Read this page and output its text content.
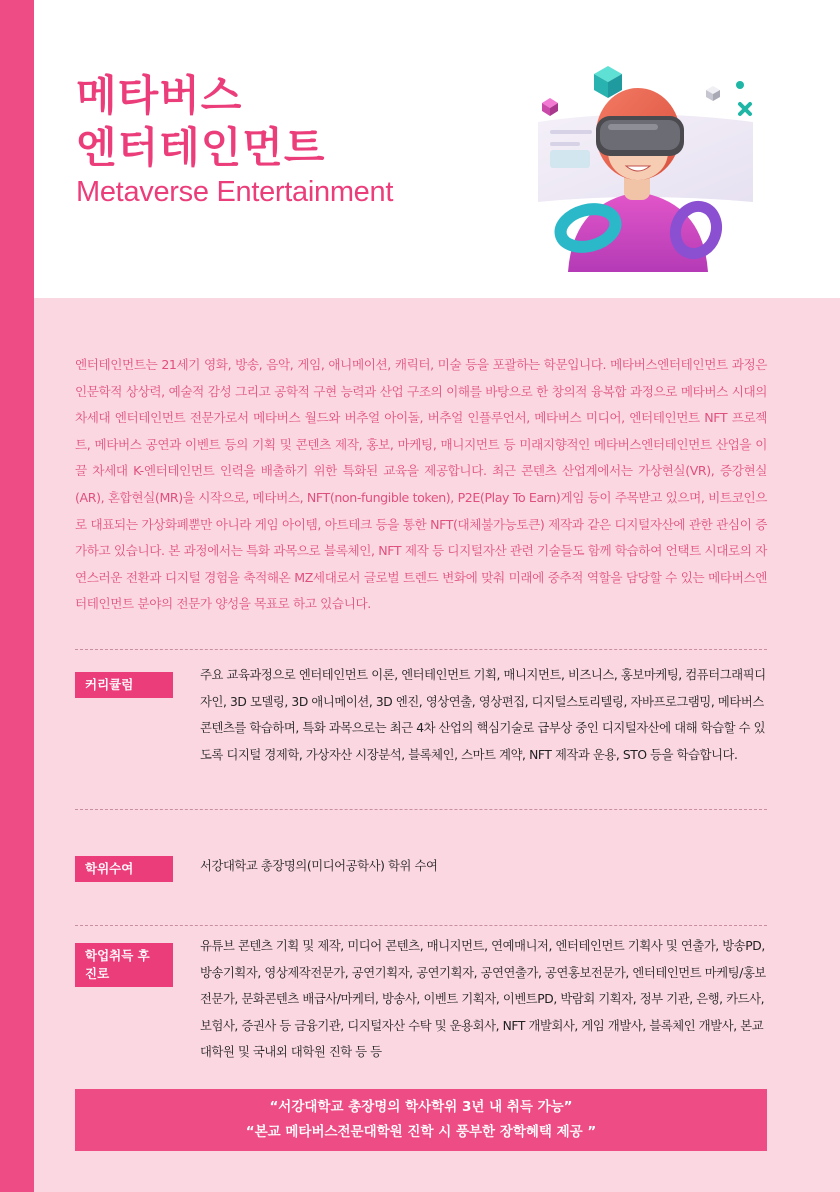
메타버스
엔터테인먼트
Metaverse Entertainment
엔터테인먼트는 21세기 영화, 방송, 음악, 게임, 애니메이션, 캐릭터, 미술 등을 포괄하는 학문입니다. 메타버스엔터테인먼트 과정은 인문학적 상상력, 예술적 감성 그리고 공학적 구현 능력과 산업 구조의 이해를 바탕으로 한 창의적 융복합 과정으로 메타버스 시대의 차세대 엔터테인먼트 전문가로서 메타버스 월드와 버추얼 아이돌, 버추얼 인플루언서, 메타버스 미디어, 엔터테인먼트 NFT 프로젝트, 메타버스 공연과 이벤트 등의 기획 및 콘텐츠 제작, 홍보, 마케팅, 매니지먼트 등 미래지향적인 메타버스엔터테인먼트 산업을 이끌 차세대 K-엔터테인먼트 인력을 배출하기 위한 특화된 교육을 제공합니다. 최근 콘텐츠 산업계에서는 가상현실(VR), 증강현실(AR), 혼합현실(MR)을 시작으로, 메타버스, NFT(non-fungible token), P2E(Play To Earn)게임 등이 주목받고 있으며, 비트코인으로 대표되는 가상화폐뿐만 아니라 게임 아이템, 아트테크 등을 통한 NFT(대체불가능토큰) 제작과 같은 디지털자산에 관한 관심이 증가하고 있습니다. 본 과정에서는 특화 과목으로 블록체인, NFT 제작 등 디지털자산 관련 기술들도 함께 학습하여 언택트 시대로의 자연스러운 전환과 디지털 경험을 축적해온 MZ세대로서 글로벌 트렌드 변화에 맞춰 미래에 중추적 역할을 담당할 수 있는 메타버스엔터테인먼트 분야의 전문가 양성을 목표로 하고 있습니다.
커리큘럼
주요 교육과정으로 엔터테인먼트 이론, 엔터테인먼트 기획, 매니지먼트, 비즈니스, 홍보마케팅, 컴퓨터그래픽디자인, 3D 모델링, 3D 애니메이션, 3D 엔진, 영상연출, 영상편집, 디지털스토리텔링, 자바프로그램밍, 메타버스 콘텐츠를 학습하며, 특화 과목으로는 최근 4차 산업의 핵심기술로 급부상 중인 디지털자산에 대해 학습할 수 있도록 디지털 경제학, 가상자산 시장분석, 블록체인, 스마트 계약, NFT 제작과 운용, STO 등을 학습합니다.
학위수여	서강대학교 총장명의(미디어공학사) 학위 수여
학업취득 후 진로
유튜브 콘텐츠 기획 및 제작, 미디어 콘텐츠, 매니지먼트, 연예매니저, 엔터테인먼트 기획사 및 연출가, 방송PD, 방송기획자, 영상제작전문가, 공연기획자, 공연기획자, 공연연출가, 공연홍보전문가, 엔터테인먼트 마케팅/홍보전문가, 문화콘텐츠 배급사/마케터, 방송사, 이벤트 기획자, 이벤트PD, 박람회 기획자, 정부 기관, 은행, 카드사, 보험사, 증권사 등 금융기관, 디지털자산 수탁 및 운용회사, NFT 개발회사, 게임 개발사, 블록체인 개발사, 본교 대학원 및 국내외 대학원 진학 등 등
“서강대학교 총장명의 학사학위 3년 내 취득 가능”
“본교 메타버스전문대학원 진학 시 풍부한 장학혜택 제공 ”
